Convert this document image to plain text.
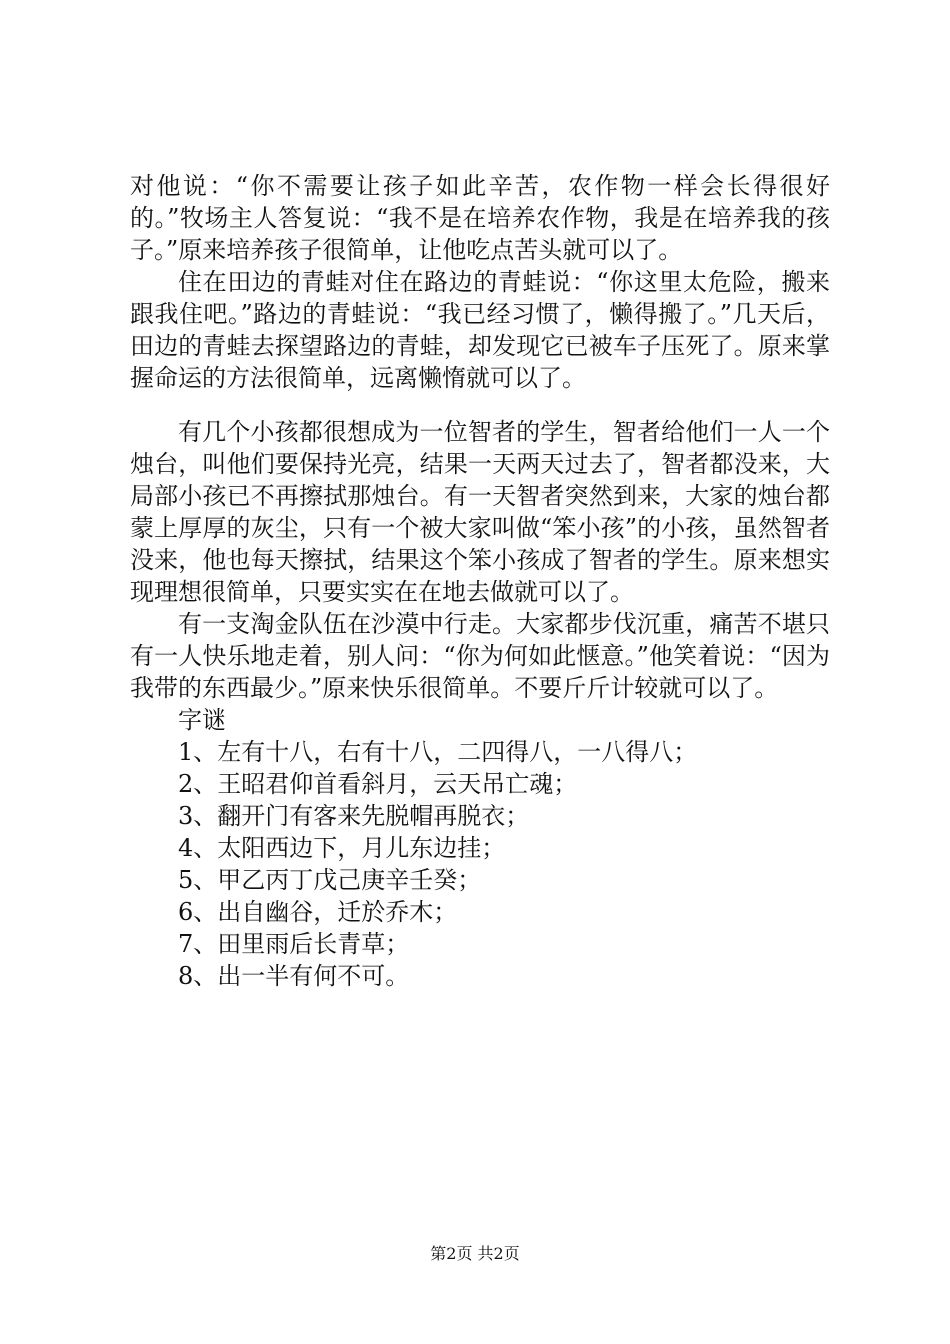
对他说：“你不需要让孩子如此辛苦，农作物一样会长得很好的。”牧场主人答复说：“我不是在培养农作物，我是在培养我的孩子。”原来培养孩子很简单，让他吃点苦头就可以了。

住在田边的青蛙对住在路边的青蛙说：“你这里太危险，搬来跟我住吧。”路边的青蛙说：“我已经习惯了，懒得搬了。”几天后，田边的青蛙去探望路边的青蛙，却发现它已被车子压死了。原来掌握命运的方法很简单，远离懒惰就可以了。

有几个小孩都很想成为一位智者的学生，智者给他们一人一个烛台，叫他们要保持光亮，结果一天两天过去了，智者都没来，大局部小孩已不再擦拭那烛台。有一天智者突然到来，大家的烛台都蒙上厚厚的灰尘，只有一个被大家叫做“笨小孩”的小孩，虽然智者没来，他也每天擦拭，结果这个笨小孩成了智者的学生。原来想实现理想很简单，只要实实在在地去做就可以了。

有一支淘金队伍在沙漠中行走。大家都步伐沉重，痛苦不堪只有一人快乐地走着，别人问：“你为何如此惬意。”他笑着说：“因为我带的东西最少。”原来快乐很简单。不要斤斤计较就可以了。

字谜

1、左有十八，右有十八，二四得八，一八得八；
2、王昭君仰首看斜月，云天吊亡魂；
3、翻开门有客来先脱帽再脱衣；
4、太阳西边下，月儿东边挂；
5、甲乙丙丁戊己庚辛壬癸；
6、出自幽谷，迁於乔木；
7、田里雨后长青草；
8、出一半有何不可。
第2页 共2页
